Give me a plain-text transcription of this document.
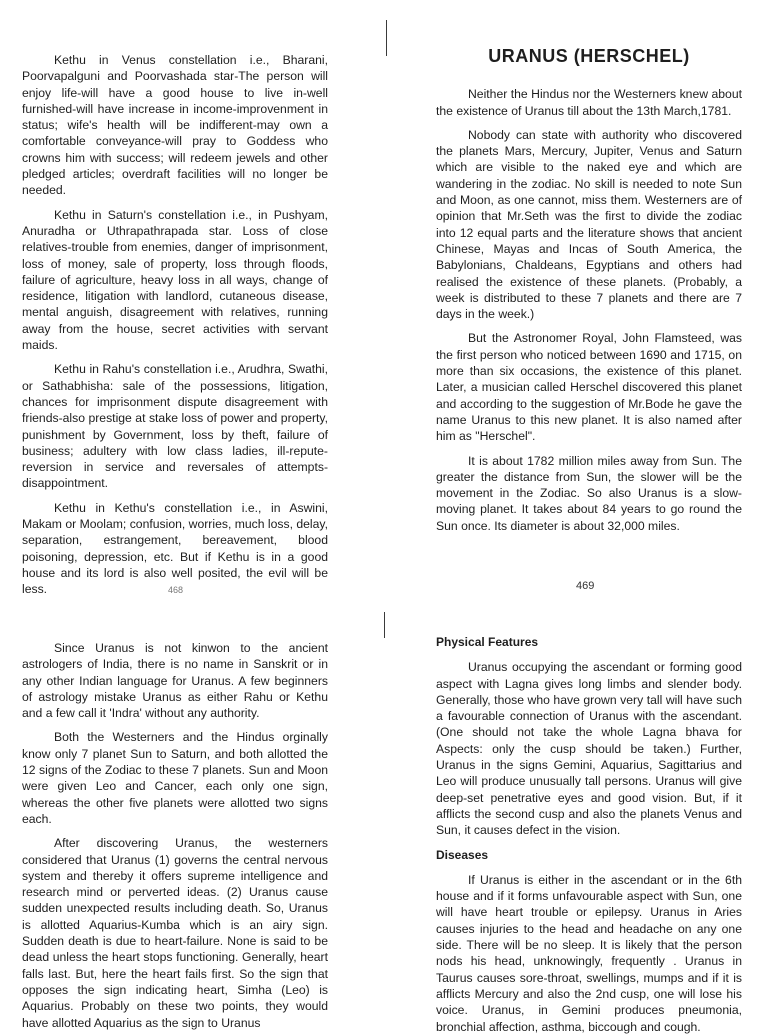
Kethu in Venus constellation i.e., Bharani, Poorvapalguni and Poorvashada star-The person will enjoy life-will have a good house to live in-well furnished-will have increase in income-improvenment in status; wife's health will be indifferent-may own a comfortable conveyance-will pray to Goddess who crowns him with success; will redeem jewels and other pledged articles; overdraft facilities will no longer be needed.

Kethu in Saturn's constellation i.e., in Pushyam, Anuradha or Uthrapathrapada star. Loss of close relatives-trouble from enemies, danger of imprisonment, loss of money, sale of property, loss through floods, failure of agriculture, heavy loss in all ways, change of residence, litigation with landlord, cutaneous disease, mental anguish, disagreement with relatives, running away from the house, secret activities with servant maids.

Kethu in Rahu's constellation i.e., Arudhra, Swathi, or Sathabhisha: sale of the possessions, litigation, chances for imprisonment dispute disagreement with friends-also prestige at stake loss of power and property, punishment by Government, loss by theft, failure of business; adultery with low class ladies, ill-repute-reversion in service and reversales of attempts-disappointment.

Kethu in Kethu's constellation i.e., in Aswini, Makam or Moolam; confusion, worries, much loss, delay, separation, estrangement, bereavement, blood poisoning, depression, etc. But if Kethu is in a good house and its lord is also well posited, the evil will be less.	468
URANUS (HERSCHEL)

Neither the Hindus nor the Westerners knew about the existence of Uranus till about the 13th March,1781.

Nobody can state with authority who discovered the planets Mars, Mercury, Jupiter, Venus and Saturn which are visible to the naked eye and which are wandering in the zodiac. No skill is needed to note Sun and Moon, as one cannot, miss them. Westerners are of opinion that Mr.Seth was the first to divide the zodiac into 12 equal parts and the literature shows that ancient Chinese, Mayas and Incas of South America, the Babylonians, Chaldeans, Egyptians and others had realised the existence of these planets. (Probably, a week is distributed to these 7 planets and there are 7 days in the week.)

But the Astronomer Royal, John Flamsteed, was the first person who noticed between 1690 and 1715, on more than six occasions, the existence of this planet. Later, a musician called Herschel discovered this planet and according to the suggestion of Mr.Bode he gave the name Uranus to this new planet. It is also named after him as "Herschel".

It is about 1782 million miles away from Sun. The greater the distance from Sun, the slower will be the movement in the Zodiac. So also Uranus is a slow-moving planet. It takes about 84 years to go round the Sun once. Its diameter is about 32,000 miles.

469

Since Uranus is not kinwon to the ancient astrologers of India, there is no name in Sanskrit or in any other Indian language for Uranus. A few beginners of astrology mistake Uranus as either Rahu or Kethu and a few call it 'Indra' without any authority.

Both the Westerners and the Hindus orginally know only 7 planet Sun to Saturn, and both allotted the 12 signs of the Zodiac to these 7 planets. Sun and Moon were given Leo and Cancer, each only one sign, whereas the other five planets were allotted two signs each.

After discovering Uranus, the westerners considered that Uranus (1) governs the central nervous system and thereby it offers supreme intelligence and research mind or perverted ideas. (2) Uranus cause sudden unexpected results including death. So, Uranus is allotted Aquarius-Kumba which is an airy sign. Sudden death is due to heart-failure. None is said to be dead unless the heart stops functioning. Generally, heart falls last. But, here the heart fails first. So the sign that opposes the sign indicating heart, Simha (Leo) is Aquarius. Probably on these two points, they would have allotted Aquarius as the sign to Uranus

Physical Features

Uranus occupying the ascendant or forming good aspect with Lagna gives long limbs and slender body. Generally, those who have grown very tall will have such a favourable connection of Uranus with the ascendant. (One should not take the whole Lagna bhava for Aspects: only the cusp should be taken.) Further, Uranus in the signs Gemini, Aquarius, Sagittarius and Leo will produce unusually tall persons. Uranus will give deep-set penetrative eyes and good vision. But, if it afflicts the second cusp and also the planets Venus and Sun, it causes defect in the vision.

Diseases

If Uranus is either in the ascendant or in the 6th house and if it forms unfavourable aspect with Sun, one will have heart trouble or epilepsy. Uranus in Aries causes injuries to the head and headache on any one side. There will be no sleep. It is likely that the person nods his head, unknowingly, frequently . Uranus in Taurus causes sore-throat, swellings, mumps and if it is afflicts Mercury and also the 2nd cusp, one will lose his voice. Uranus, in Gemini produces pneumonia, bronchial affection, asthma, biccough and cough.
